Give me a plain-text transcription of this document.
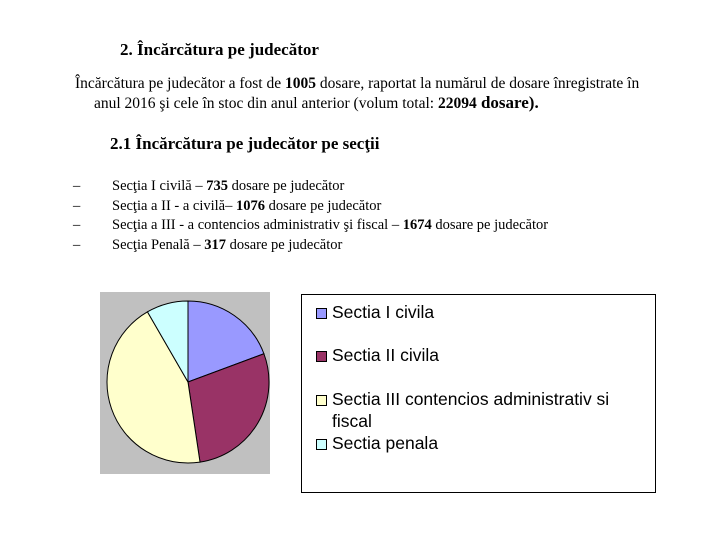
2. Încărcătura pe judecător
Încărcătura pe judecător a fost de 1005 dosare, raportat la numărul de dosare înregistrate în
anul 2016 şi cele în stoc din anul anterior (volum total: 22094 dosare).
2.1 Încărcătura pe judecător pe secţii
– Secţia I civilă – 735 dosare pe judecător
– Secţia a II - a civilă– 1076 dosare pe judecător
– Secţia a III - a contencios administrativ şi fiscal – 1674 dosare pe judecător
– Secţia Penală – 317 dosare pe judecător
Sectia I civila
Sectia II civila
Sectia III contencios administrativ si fiscal
Sectia penala
